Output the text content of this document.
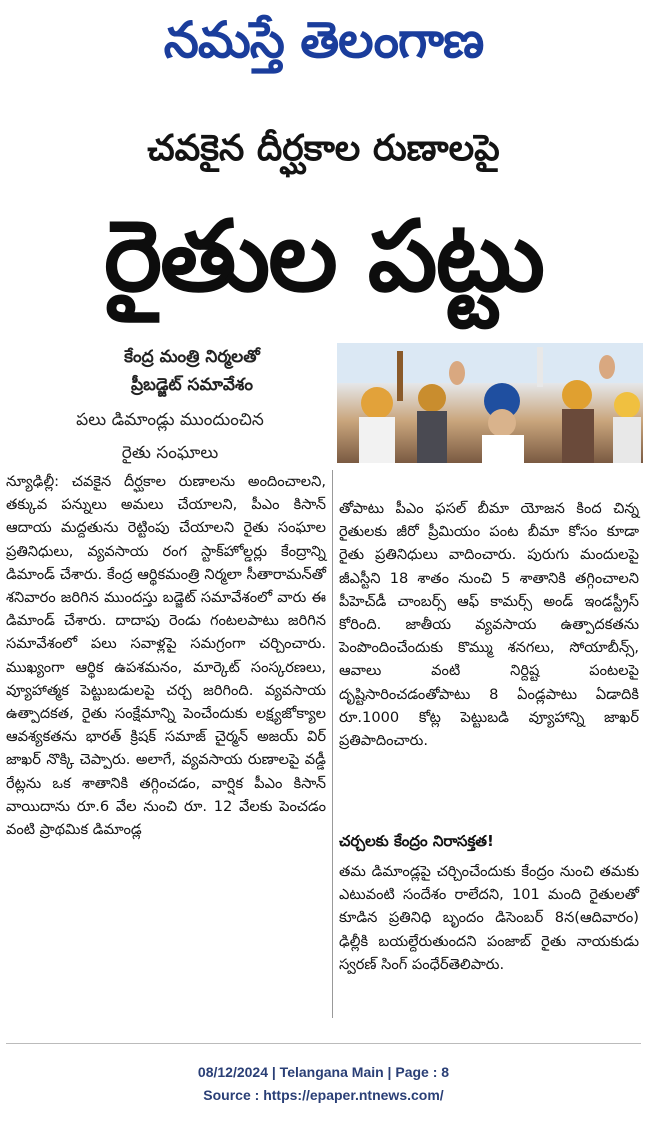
నమస్తే తెలంగాణ
చవకైన దీర్ఘకాల రుణాలపై
రైతుల పట్టు
కేంద్ర మంత్రి నిర్మలతో
ప్రీబడ్జెట్ సమావేశం
పలు డిమాండ్లు ముందుంచిన
రైతు సంఘాలు
న్యూఢిల్లీ: చవకైన దీర్ఘకాల రుణాలను అందించాలని, తక్కువ పన్నులు అమలు చేయాలని, పీఎం కిసాన్ ఆదాయ మద్దతును రెట్టింపు చేయాలని రైతు సంఘాల ప్రతినిధులు, వ్యవసాయ రంగ స్టాక్‌హోల్డర్లు కేంద్రాన్ని డిమాండ్ చేశారు. కేంద్ర ఆర్థికమంత్రి నిర్మలా సీతారామన్‌తో శనివారం జరిగిన ముందస్తు బడ్జెట్ సమావేశంలో వారు ఈ డిమాండ్ చేశారు. దాదాపు రెండు గంటలపాటు జరిగిన సమావేశంలో పలు సవాళ్లపై సమగ్రంగా చర్చించారు. ముఖ్యంగా ఆర్థిక ఉపశమనం, మార్కెట్ సంస్కరణలు, వ్యూహాత్మక పెట్టుబడులపై చర్చ జరిగింది. వ్యవసాయ ఉత్పాదకత, రైతు సంక్షేమాన్ని పెంచేందుకు లక్ష్యజోక్యాల ఆవశ్యకతను భారత్ క్రిషక్ సమాజ్ చైర్మన్ అజయ్ విర్ జాఖర్ నొక్కి చెప్పారు. అలాగే, వ్యవసాయ రుణాలపై వడ్డీ రేట్లను ఒక శాతానికి తగ్గించడం, వార్షిక పీఎం కిసాన్ వాయిదాను రూ.6 వేల నుంచి రూ. 12 వేలకు పెంచడం వంటి ప్రాథమిక డిమాండ్ల
తోపాటు పీఎం ఫసల్ బీమా యోజన కింద చిన్న రైతులకు జీరో ప్రీమియం పంట బీమా కోసం కూడా రైతు ప్రతినిధులు వాదించారు. పురుగు మందులపై జీఎస్టీని 18 శాతం నుంచి 5 శాతానికి తగ్గించాలని పీహెచ్‌డీ చాంబర్స్ ఆఫ్ కామర్స్ అండ్ ఇండస్ట్రీస్ కోరింది. జాతీయ వ్యవసాయ ఉత్పాదకతను పెంపొందించేందుకు కొమ్ము శనగలు, సోయాబీన్స్, ఆవాలు వంటి నిర్దిష్ట పంటలపై దృష్టిసారించడంతోపాటు 8 ఏండ్లపాటు ఏడాదికి రూ.1000 కోట్ల పెట్టుబడి వ్యూహాన్ని జాఖర్ ప్రతిపాదించారు.
చర్చలకు కేంద్రం నిరాసక్తత!
తమ డిమాండ్లపై చర్చించేందుకు కేంద్రం నుంచి తమకు ఎటువంటి సందేశం రాలేదని, 101 మంది రైతులతో కూడిన ప్రతినిధి బృందం డిసెంబర్ 8న(ఆదివారం) ఢిల్లీకి బయల్దేరుతుందని పంజాబ్ రైతు నాయకుడు స్వరణ్ సింగ్ పంధేర్‌తెలిపారు.
08/12/2024 | Telangana Main | Page : 8
Source : https://epaper.ntnews.com/
